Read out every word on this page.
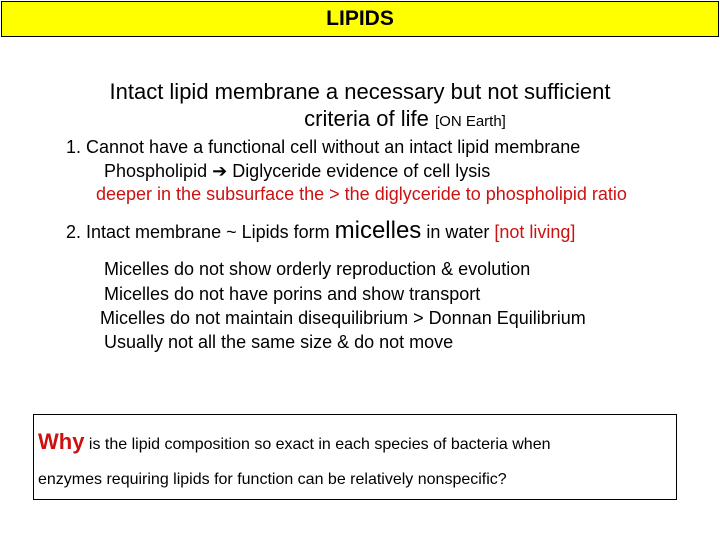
LIPIDS
Intact lipid membrane a necessary but not sufficient
criteria of life [ON Earth]
1. Cannot have a functional cell without an intact lipid membrane
Phospholipid ➔ Diglyceride evidence of cell lysis
deeper in the subsurface the > the diglyceride to phospholipid ratio
2. Intact membrane ~ Lipids form micelles in water [not living]
Micelles do not show orderly reproduction & evolution
Micelles do not have porins and show transport
Micelles do not maintain disequilibrium > Donnan Equilibrium
Usually not all the same size & do not move
Why is the lipid composition so exact in each species of bacteria when
enzymes requiring lipids for function can be relatively nonspecific?
